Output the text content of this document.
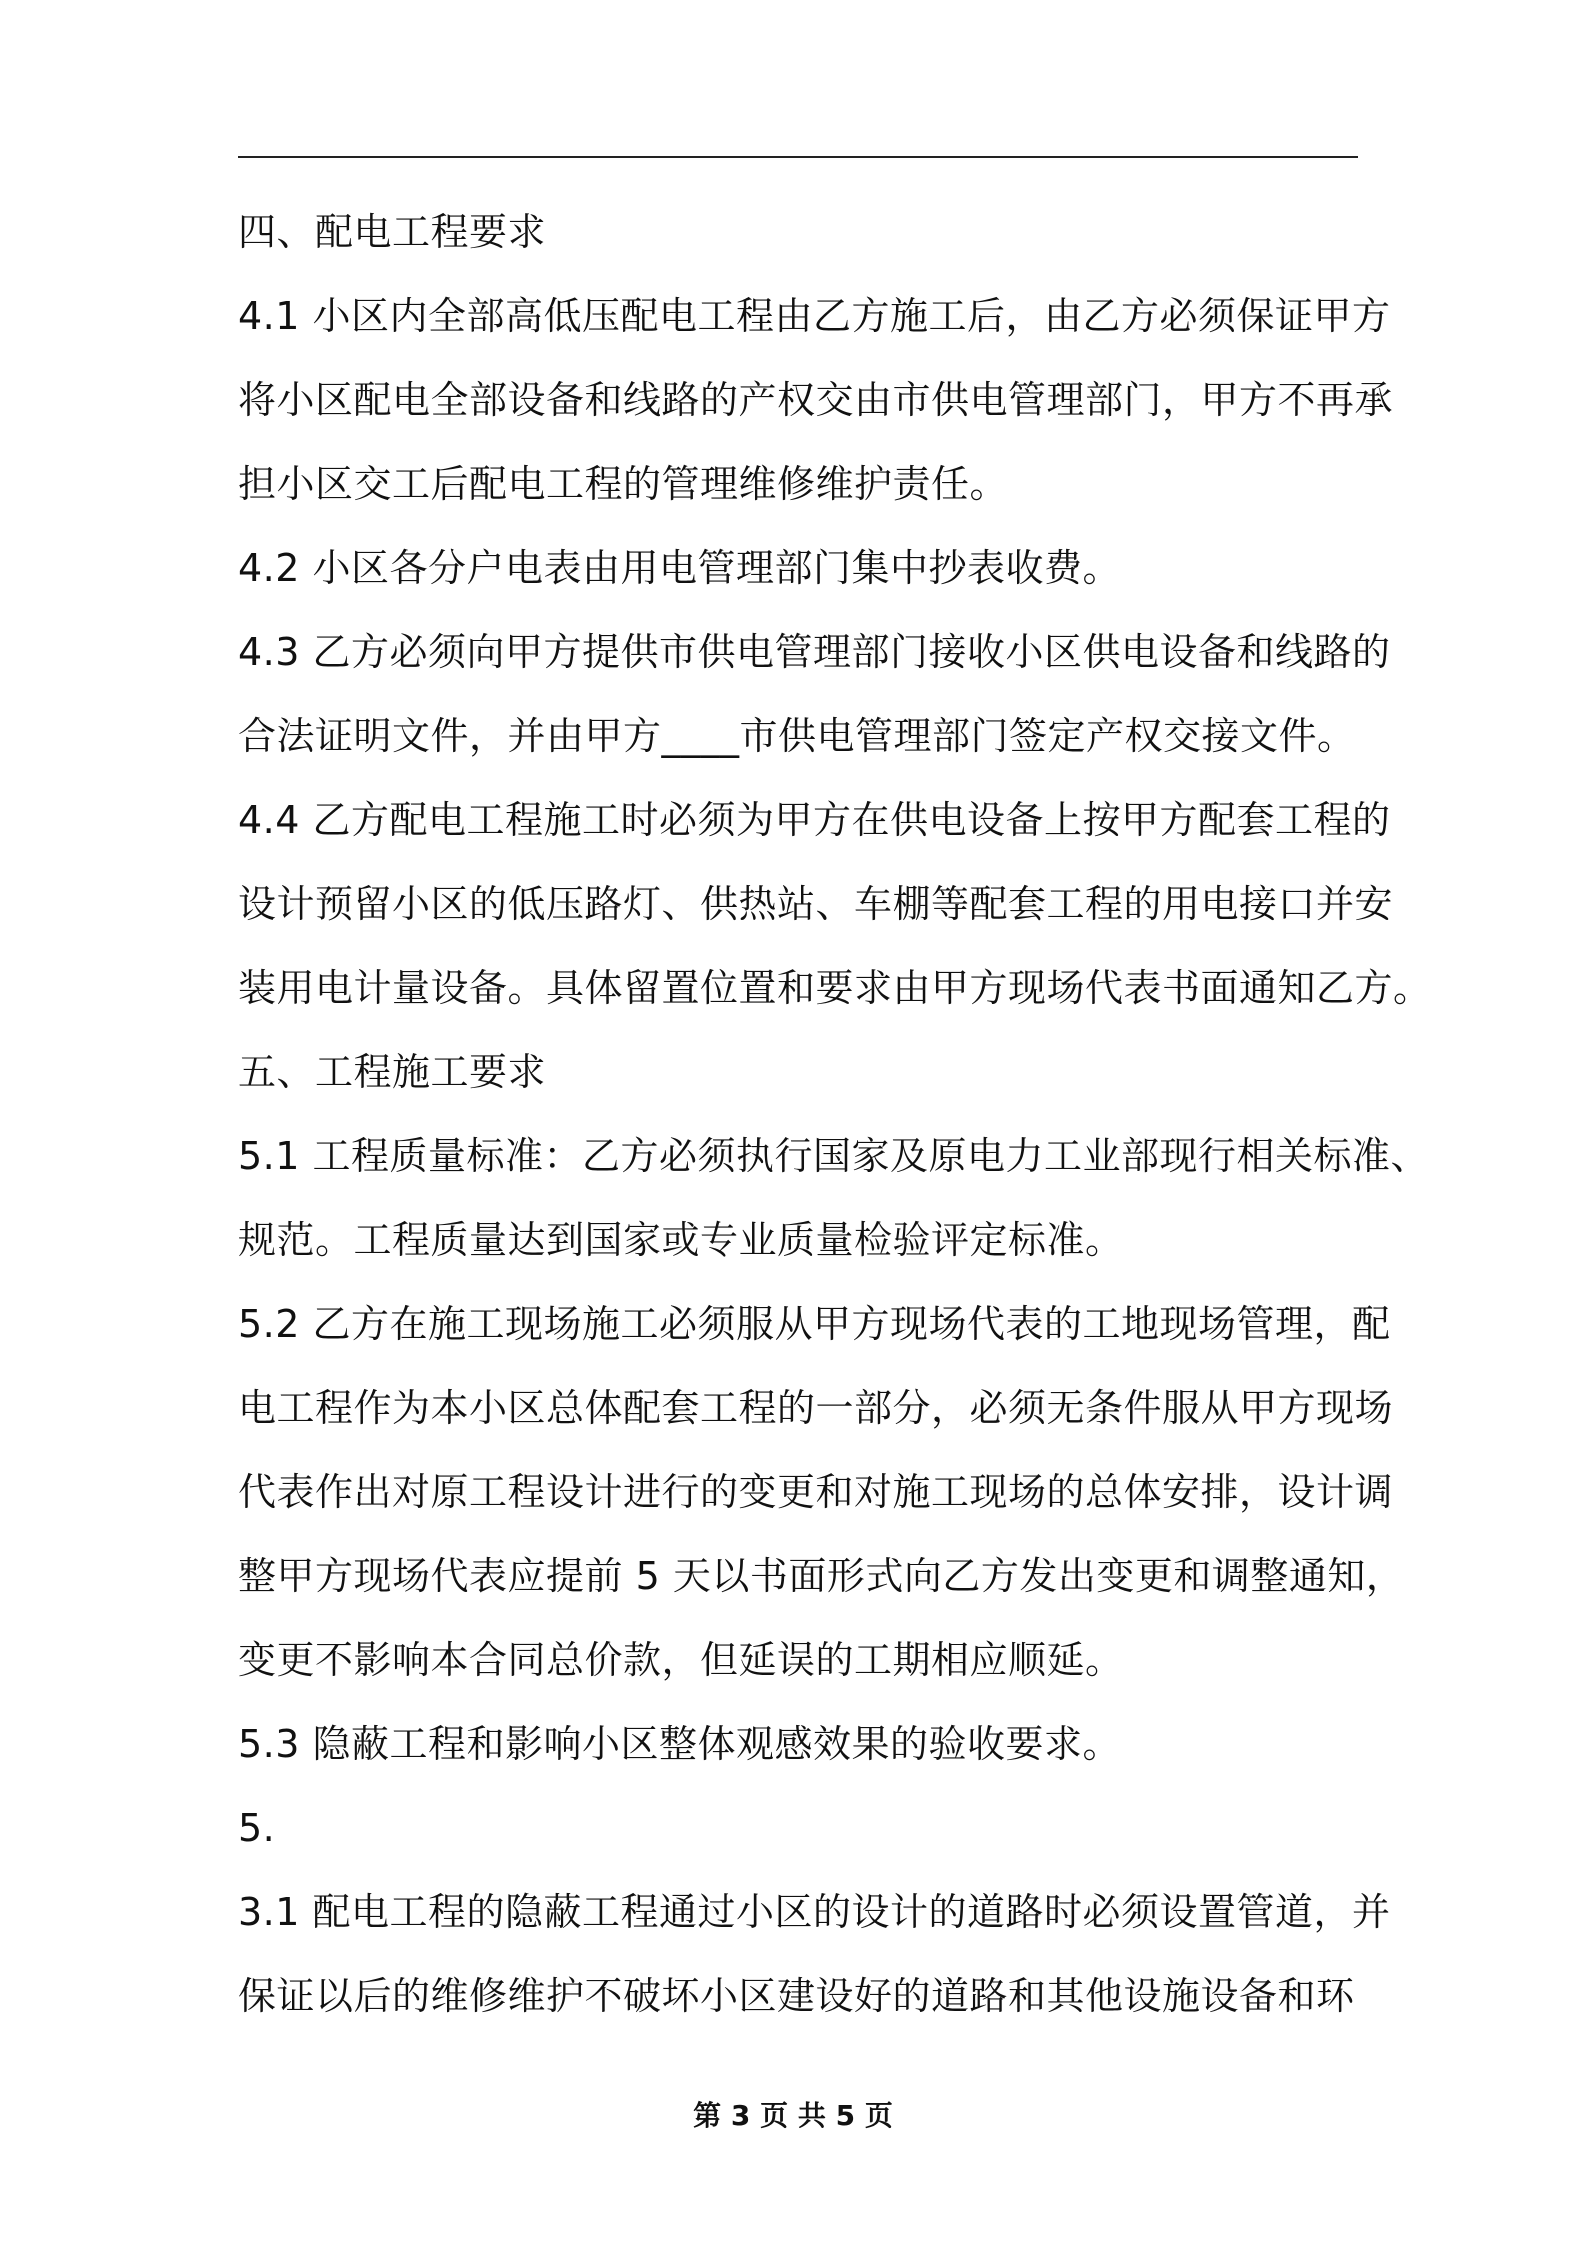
四、配电工程要求
4.1 小区内全部高低压配电工程由乙方施工后，由乙方必须保证甲方
将小区配电全部设备和线路的产权交由市供电管理部门，甲方不再承
担小区交工后配电工程的管理维修维护责任。
4.2 小区各分户电表由用电管理部门集中抄表收费。
4.3 乙方必须向甲方提供市供电管理部门接收小区供电设备和线路的
合法证明文件，并由甲方____市供电管理部门签定产权交接文件。
4.4 乙方配电工程施工时必须为甲方在供电设备上按甲方配套工程的
设计预留小区的低压路灯、供热站、车棚等配套工程的用电接口并安
装用电计量设备。具体留置位置和要求由甲方现场代表书面通知乙方。
五、工程施工要求
5.1 工程质量标准：乙方必须执行国家及原电力工业部现行相关标准、
规范。工程质量达到国家或专业质量检验评定标准。
5.2 乙方在施工现场施工必须服从甲方现场代表的工地现场管理，配
电工程作为本小区总体配套工程的一部分，必须无条件服从甲方现场
代表作出对原工程设计进行的变更和对施工现场的总体安排，设计调
整甲方现场代表应提前 5 天以书面形式向乙方发出变更和调整通知，
变更不影响本合同总价款，但延误的工期相应顺延。
5.3 隐蔽工程和影响小区整体观感效果的验收要求。
5.
3.1 配电工程的隐蔽工程通过小区的设计的道路时必须设置管道，并
保证以后的维修维护不破坏小区建设好的道路和其他设施设备和环
第 3 页 共 5 页
